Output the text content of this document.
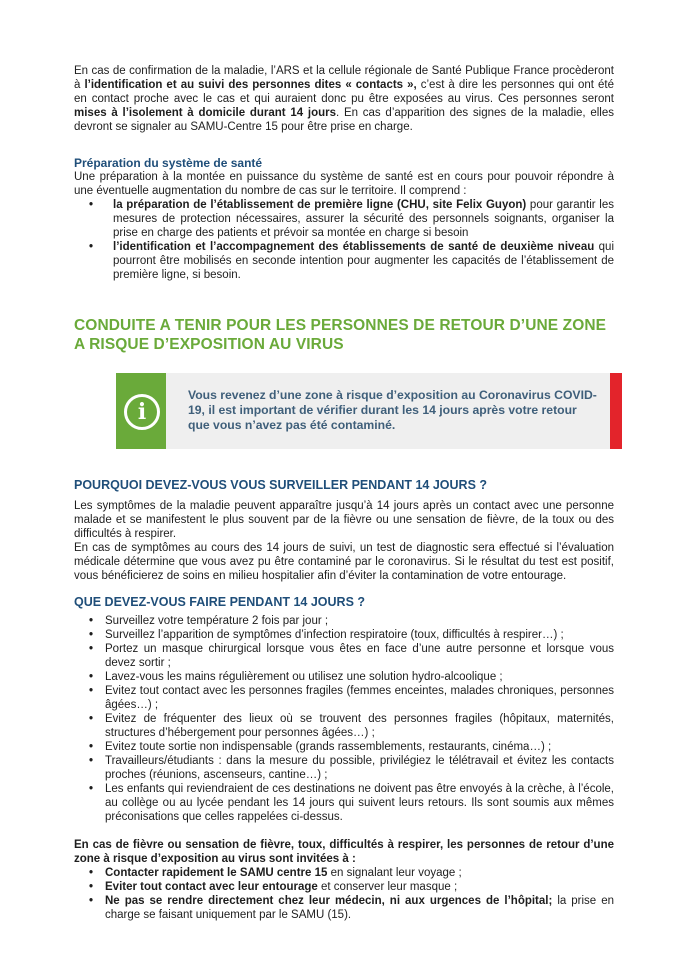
En cas de confirmation de la maladie, l’ARS et la cellule régionale de Santé Publique France procèderont à l’identification et au suivi des personnes dites « contacts », c’est à dire les personnes qui ont été en contact proche avec le cas et qui auraient donc pu être exposées au virus. Ces personnes seront mises à l’isolement à domicile durant 14 jours. En cas d’apparition des signes de la maladie, elles devront se signaler au SAMU-Centre 15 pour être prise en charge.

Préparation du système de santé

Une préparation à la montée en puissance du système de santé est en cours pour pouvoir répondre à une éventuelle augmentation du nombre de cas sur le territoire. Il comprend :

• la préparation de l’établissement de première ligne (CHU, site Felix Guyon) pour garantir les mesures de protection nécessaires, assurer la sécurité des personnels soignants, organiser la prise en charge des patients et prévoir sa montée en charge si besoin
• l’identification et l’accompagnement des établissements de santé de deuxième niveau qui pourront être mobilisés en seconde intention pour augmenter les capacités de l’établissement de première ligne, si besoin.
CONDUITE A TENIR POUR LES PERSONNES DE RETOUR D’UNE ZONE A RISQUE D’EXPOSITION AU VIRUS
i
Vous revenez d’une zone à risque d’exposition au Coronavirus COVID-19, il est important de vérifier durant les 14 jours après votre retour que vous n’avez pas été contaminé.
POURQUOI DEVEZ-VOUS VOUS SURVEILLER PENDANT 14 JOURS ?

Les symptômes de la maladie peuvent apparaître jusqu’à 14 jours après un contact avec une personne malade et se manifestent le plus souvent par de la fièvre ou une sensation de fièvre, de la toux ou des difficultés à respirer.

En cas de symptômes au cours des 14 jours de suivi, un test de diagnostic sera effectué si l’évaluation médicale détermine que vous avez pu être contaminé par le coronavirus. Si le résultat du test est positif, vous bénéficierez de soins en milieu hospitalier afin d’éviter la contamination de votre entourage.

QUE DEVEZ-VOUS FAIRE PENDANT 14 JOURS ?
• Surveillez votre température 2 fois par jour ;
• Surveillez l’apparition de symptômes d’infection respiratoire (toux, difficultés à respirer…) ;
• Portez un masque chirurgical lorsque vous êtes en face d’une autre personne et lorsque vous devez sortir ;
• Lavez-vous les mains régulièrement ou utilisez une solution hydro-alcoolique ;
• Evitez tout contact avec les personnes fragiles (femmes enceintes, malades chroniques, personnes âgées…) ;
• Evitez de fréquenter des lieux où se trouvent des personnes fragiles (hôpitaux, maternités, structures d’hébergement pour personnes âgées…) ;
• Evitez toute sortie non indispensable (grands rassemblements, restaurants, cinéma…) ;
• Travailleurs/étudiants : dans la mesure du possible, privilégiez le télétravail et évitez les contacts proches (réunions, ascenseurs, cantine…) ;
• Les enfants qui reviendraient de ces destinations ne doivent pas être envoyés à la crèche, à l’école, au collège ou au lycée pendant les 14 jours qui suivent leurs retours. Ils sont soumis aux mêmes préconisations que celles rappelées ci-dessus.

En cas de fièvre ou sensation de fièvre, toux, difficultés à respirer, les personnes de retour d’une zone à risque d’exposition au virus sont invitées à :

• Contacter rapidement le SAMU centre 15 en signalant leur voyage ;
• Eviter tout contact avec leur entourage et conserver leur masque ;
• Ne pas se rendre directement chez leur médecin, ni aux urgences de l’hôpital; la prise en charge se faisant uniquement par le SAMU (15).
